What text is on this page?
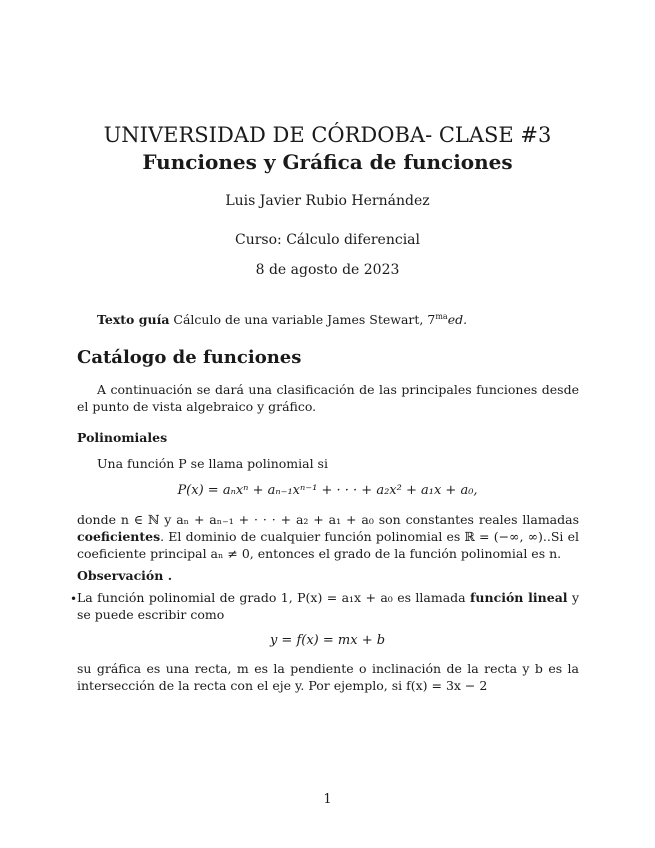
UNIVERSIDAD DE CÓRDOBA- CLASE #3
Funciones y Gráfica de funciones
Luis Javier Rubio Hernández
Curso: Cálculo diferencial
8 de agosto de 2023
Texto guía Cálculo de una variable James Stewart, $7^{ma}ed$.
Catálogo de funciones
A continuación se dará una clasificación de las principales funciones desde el punto de vista algebraico y gráfico.
Polinomiales
Una función P se llama polinomial si
P(x) = aₙxⁿ + aₙ₋₁xⁿ⁻¹ + · · · + a₂x² + a₁x + a₀,
donde n ∈ ℕ y aₙ + aₙ₋₁ + · · · + a₂ + a₁ + a₀ son constantes reales llamadas coeficientes. El dominio de cualquier función polinomial es ℝ = (−∞, ∞)..Si el coeficiente principal aₙ ≠ 0, entonces el grado de la función polinomial es n.
Observación .
• La función polinomial de grado 1, P(x) = a₁x + a₀ es llamada función lineal y se puede escribir como
y = f(x) = mx + b
su gráfica es una recta, m es la pendiente o inclinación de la recta y b es la intersección de la recta con el eje y. Por ejemplo, si f(x) = 3x − 2
1
